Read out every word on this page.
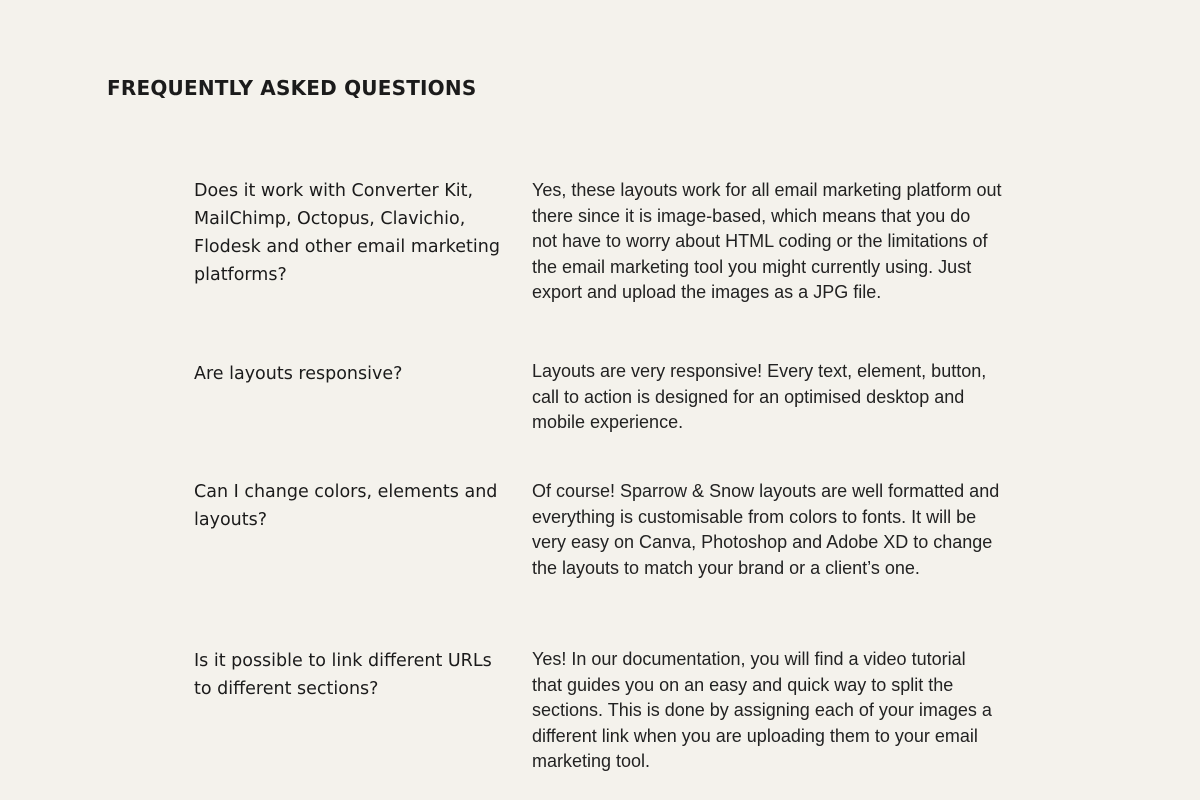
FREQUENTLY ASKED QUESTIONS
Does it work with Converter Kit,
MailChimp, Octopus, Clavichio,
Flodesk and other email marketing
platforms?
Yes, these layouts work for all email marketing platform out
there since it is image-based, which means that you do
not have to worry about HTML coding or the limitations of
the email marketing tool you might currently using. Just
export and upload the images as a JPG file.
Are layouts responsive?	Layouts are very responsive! Every text, element, button,
call to action is designed for an optimised desktop and
mobile experience.
Can I change colors, elements and
layouts?
Of course! Sparrow & Snow layouts are well formatted and
everything is customisable from colors to fonts. It will be
very easy on Canva, Photoshop and Adobe XD to change
the layouts to match your brand or a client’s one.
Is it possible to link different URLs
to different sections?
Yes! In our documentation, you will find a video tutorial
that guides you on an easy and quick way to split the
sections. This is done by assigning each of your images a
different link when you are uploading them to your email
marketing tool.
